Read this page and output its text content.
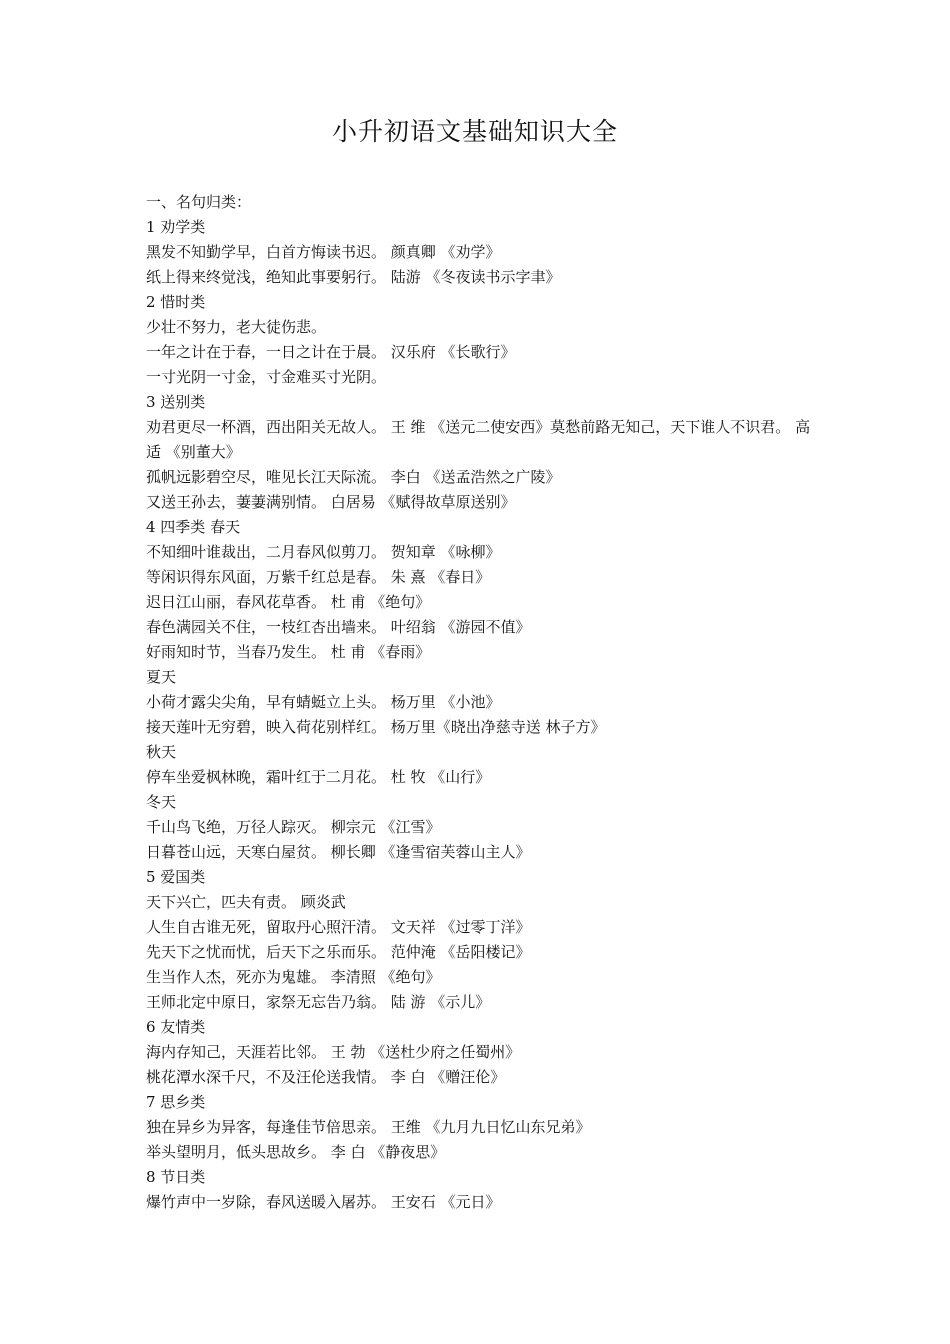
小升初语文基础知识大全
一、名句归类：
1 劝学类
黑发不知勤学早，白首方悔读书迟。 颜真卿 《劝学》
纸上得来终觉浅，绝知此事要躬行。 陆游 《冬夜读书示字聿》
2 惜时类
少壮不努力，老大徒伤悲。
一年之计在于春，一日之计在于晨。 汉乐府 《长歌行》
一寸光阴一寸金，寸金难买寸光阴。
3 送别类
劝君更尽一杯酒，西出阳关无故人。 王 维 《送元二使安西》莫愁前路无知己，天下谁人不识君。 高 适 《别董大》
孤帆远影碧空尽，唯见长江天际流。 李白 《送孟浩然之广陵》
又送王孙去，萋萋满别情。 白居易 《赋得故草原送别》
4 四季类 春天
不知细叶谁裁出，二月春风似剪刀。 贺知章 《咏柳》
等闲识得东风面，万紫千红总是春。 朱 熹 《春日》
迟日江山丽，春风花草香。 杜 甫 《绝句》
春色满园关不住，一枝红杏出墙来。 叶绍翁 《游园不值》
好雨知时节，当春乃发生。 杜 甫 《春雨》
夏天
小荷才露尖尖角，早有蜻蜓立上头。 杨万里 《小池》
接天莲叶无穷碧，映入荷花别样红。 杨万里《晓出净慈寺送 林子方》
秋天
停车坐爱枫林晚，霜叶红于二月花。 杜 牧 《山行》
冬天
千山鸟飞绝，万径人踪灭。 柳宗元 《江雪》
日暮苍山远，天寒白屋贫。 柳长卿 《逢雪宿芙蓉山主人》
5 爱国类
天下兴亡，匹夫有责。 顾炎武
人生自古谁无死，留取丹心照汗清。 文天祥 《过零丁洋》
先天下之忧而忧，后天下之乐而乐。 范仲淹 《岳阳楼记》
生当作人杰，死亦为鬼雄。 李清照 《绝句》
王师北定中原日，家祭无忘告乃翁。 陆 游 《示儿》
6 友情类
海内存知己，天涯若比邻。 王 勃 《送杜少府之任蜀州》
桃花潭水深千尺，不及汪伦送我情。 李 白 《赠汪伦》
7 思乡类
独在异乡为异客，每逢佳节倍思亲。 王维 《九月九日忆山东兄弟》
举头望明月，低头思故乡。 李 白 《静夜思》
8 节日类
爆竹声中一岁除，春风送暖入屠苏。 王安石 《元日》
